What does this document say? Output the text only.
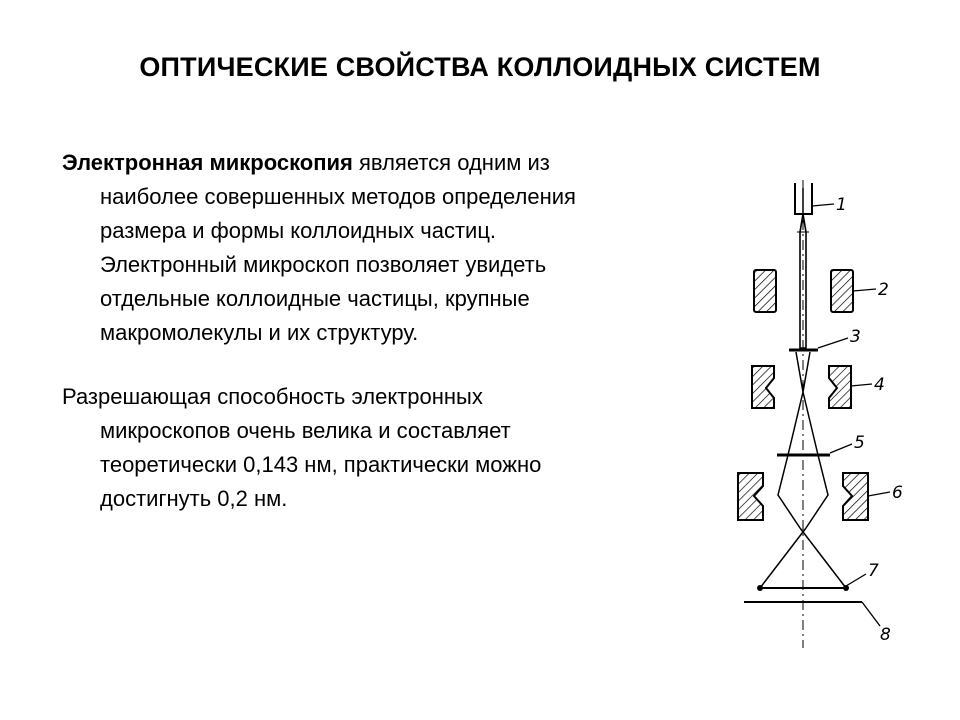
ОПТИЧЕСКИЕ СВОЙСТВА КОЛЛОИДНЫХ СИСТЕМ
Электронная микроскопия является одним из
наиболее совершенных методов определения
размера и формы коллоидных частиц.
Электронный микроскоп позволяет увидеть
отдельные коллоидные частицы, крупные
макромолекулы и их структуру.
Разрешающая способность электронных
микроскопов очень велика и составляет
теоретически 0,143 нм, практически можно
достигнуть 0,2 нм.
1
2
3
4
5
6
7
8
